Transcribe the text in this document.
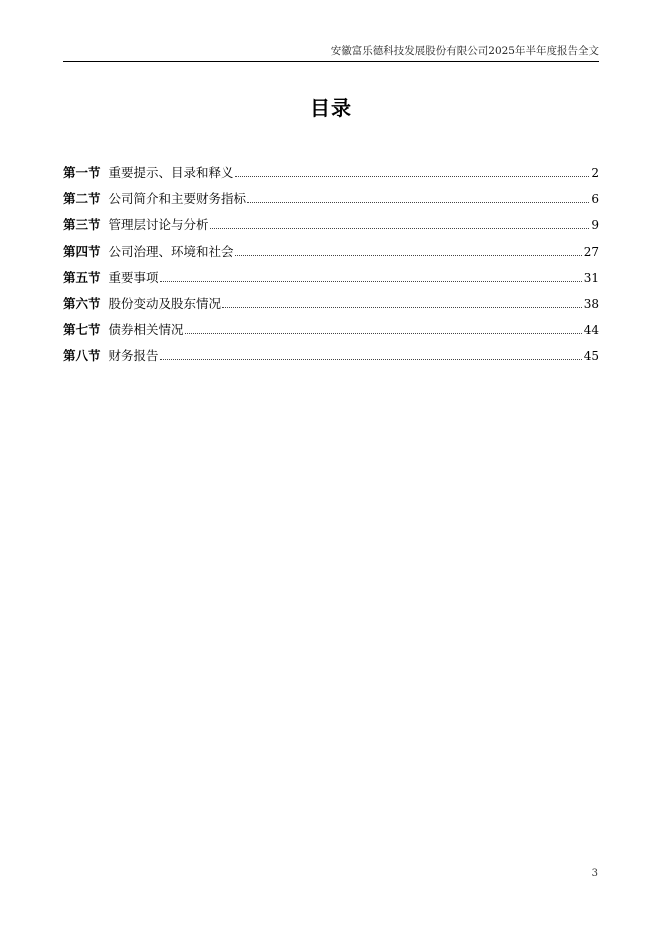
安徽富乐德科技发展股份有限公司2025年半年度报告全文
目录
第一节 重要提示、目录和释义	2
第二节 公司简介和主要财务指标	6
第三节 管理层讨论与分析	9
第四节 公司治理、环境和社会	27
第五节 重要事项	31
第六节 股份变动及股东情况	38
第七节 债券相关情况	44
第八节 财务报告	45
3
